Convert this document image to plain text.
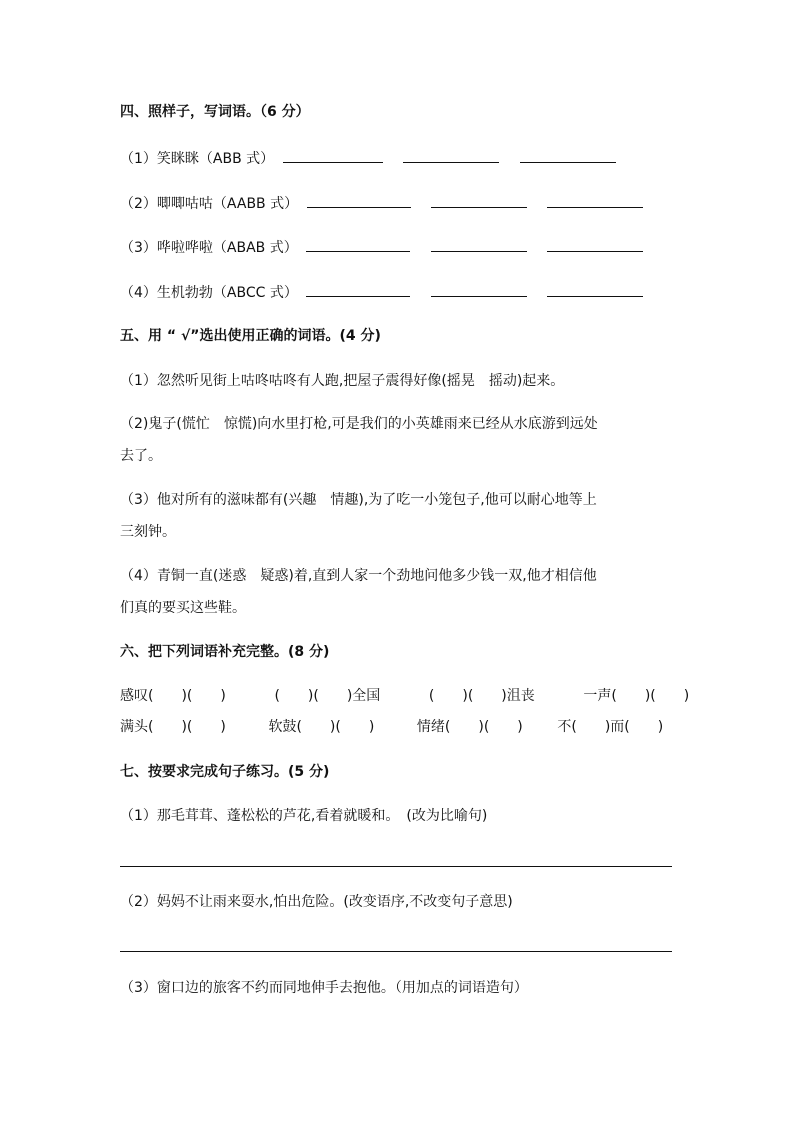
四、照样子，写词语。（6 分）
（1）笑眯眯（ABB 式）
（2）唧唧咕咕（AABB 式）
（3）哗啦哗啦（ABAB 式）
（4）生机勃勃（ABCC 式）
五、用 “ √”选出使用正确的词语。(4 分)
（1）忽然听见街上咕咚咕咚有人跑,把屋子震得好像(摇晃　摇动)起来。
（2)鬼子(慌忙　惊慌)向水里打枪,可是我们的小英雄雨来已经从水底游到远处
去了。
（3）他对所有的滋味都有(兴趣　情趣),为了吃一小笼包子,他可以耐心地等上
三刻钟。
（4）青铜一直(迷惑　疑惑)着,直到人家一个劲地问他多少钱一双,他才相信他
们真的要买这些鞋。
六、把下列词语补充完整。(8 分)
感叹(　　)(　　)	(　　)(　　)全国	(　　)(　　)沮丧	一声(　　)(　　)
满头(　　)(　　)	软鼓(　　)(　　)	情绪(　　)(　　) 不(　　)而(　　)
七、按要求完成句子练习。(5 分)
（1）那毛茸茸、蓬松松的芦花,看着就暖和。　(改为比喻句)
（2）妈妈不让雨来耍水,怕出危险。(改变语序,不改变句子意思)
（3）窗口边的旅客不约而同地伸手去抱他。（用加点的词语造句）
